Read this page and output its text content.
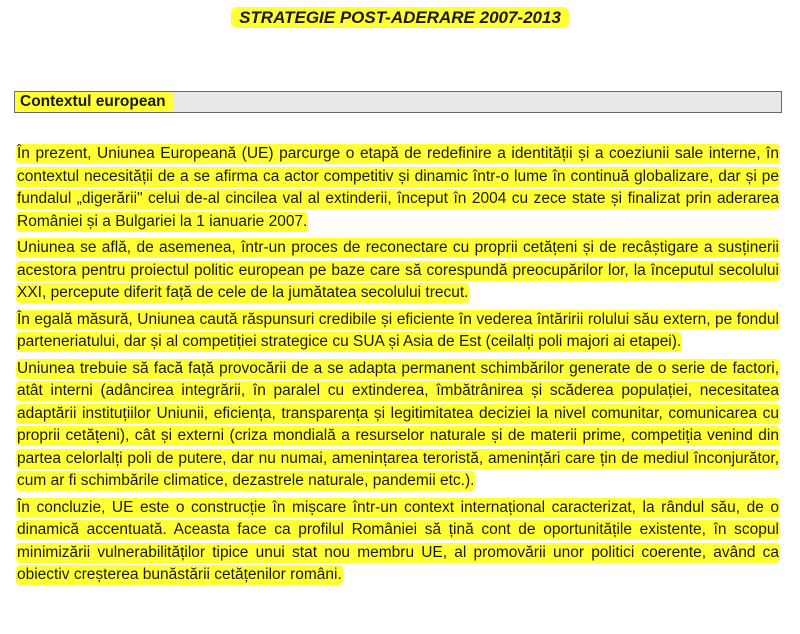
STRATEGIE POST-ADERARE 2007-2013
Contextul european

În prezent, Uniunea Europeană (UE) parcurge o etapă de redefinire a identității și a coeziunii sale interne, în contextul necesității de a se afirma ca actor competitiv și dinamic într-o lume în continuă globalizare, dar și pe fundalul „digerării" celui de-al cincilea val al extinderii, început în 2004 cu zece state și finalizat prin aderarea României și a Bulgariei la 1 ianuarie 2007.

Uniunea se află, de asemenea, într-un proces de reconectare cu proprii cetățeni și de recâștigare a susținerii acestora pentru proiectul politic european pe baze care să corespundă preocupărilor lor, la începutul secolului XXI, percepute diferit față de cele de la jumătatea secolului trecut.

În egală măsură, Uniunea caută răspunsuri credibile și eficiente în vederea întăririi rolului său extern, pe fondul parteneriatului, dar și al competiției strategice cu SUA și Asia de Est (ceilalți poli majori ai etapei).

Uniunea trebuie să facă față provocării de a se adapta permanent schimbărilor generate de o serie de factori, atât interni (adâncirea integrării, în paralel cu extinderea, îmbătrânirea și scăderea populației, necesitatea adaptării instituțiilor Uniunii, eficiența, transparența și legitimitatea deciziei la nivel comunitar, comunicarea cu proprii cetățeni), cât și externi (criza mondială a resurselor naturale și de materii prime, competiția venind din partea celorlalți poli de putere, dar nu numai, amenințarea teroristă, amenințări care țin de mediul înconjurător, cum ar fi schimbările climatice, dezastrele naturale, pandemii etc.).

În concluzie, UE este o construcție în mișcare într-un context internațional caracterizat, la rândul său, de o dinamică accentuată. Aceasta face ca profilul României să țină cont de oportunitățile existente, în scopul minimizării vulnerabilităților tipice unui stat nou membru UE, al promovării unor politici coerente, având ca obiectiv creșterea bunăstării cetățenilor români.
